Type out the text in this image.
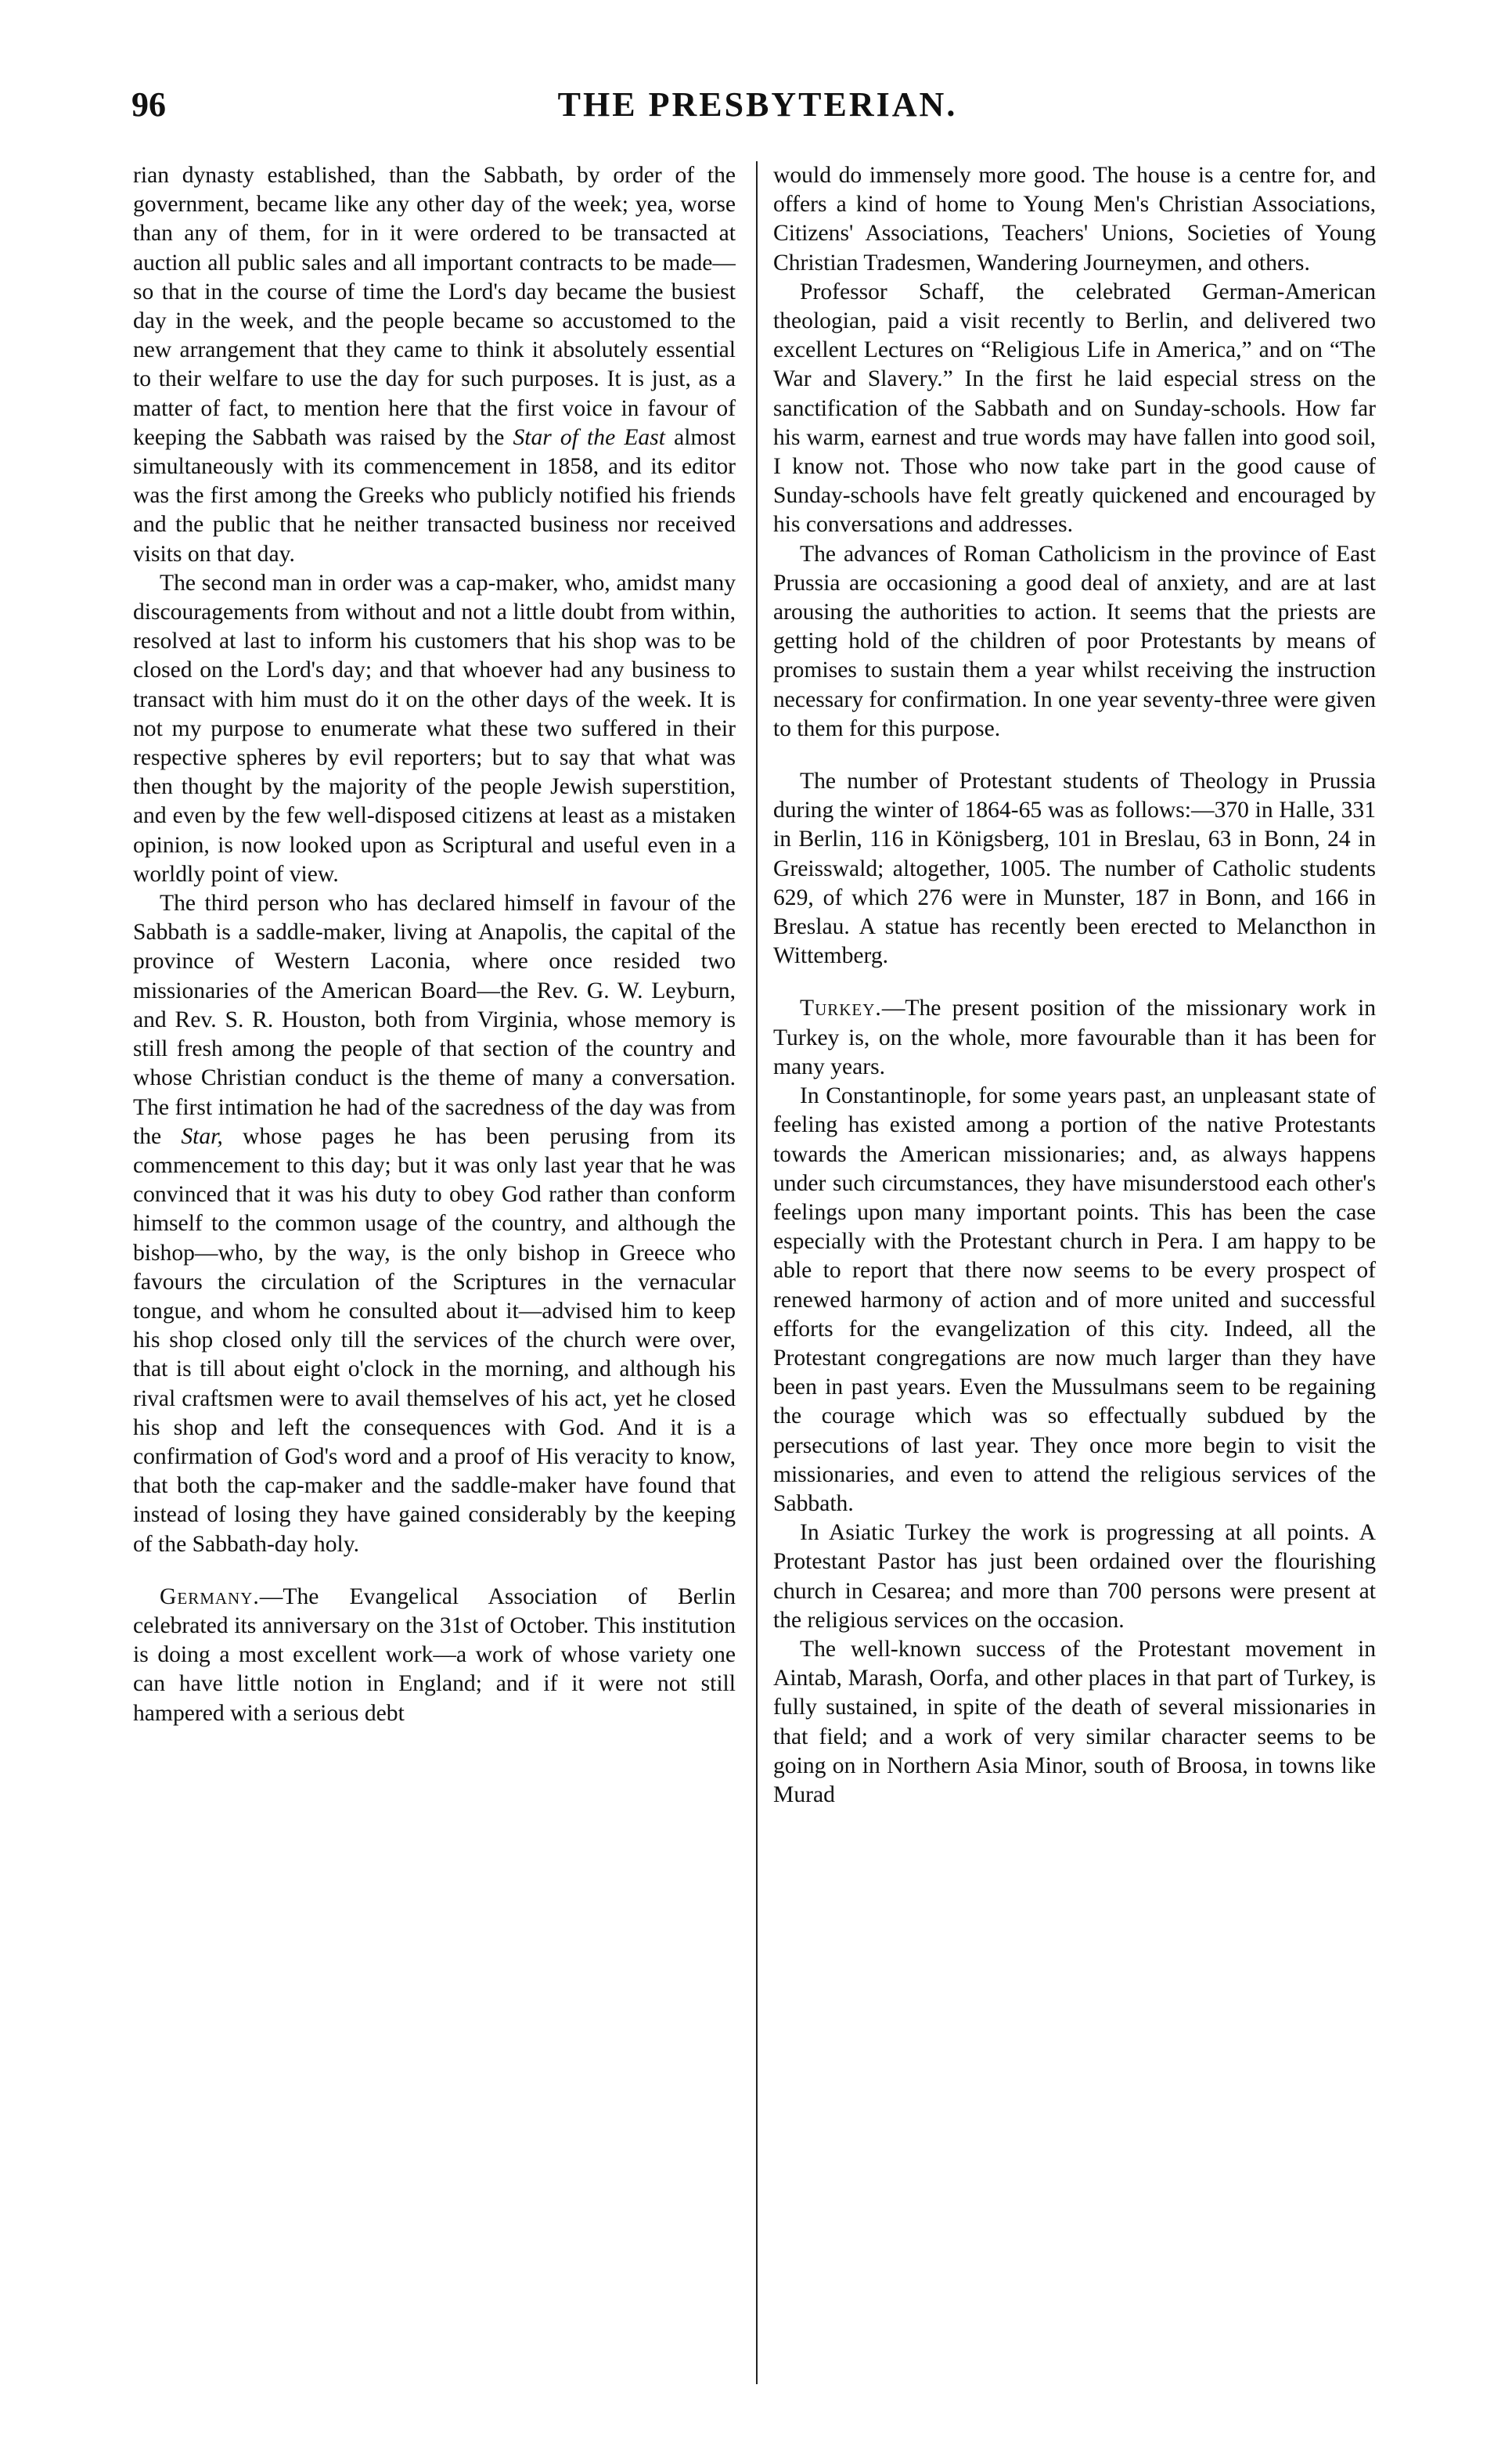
96	THE PRESBYTERIAN.

rian dynasty established, than the Sabbath, by order of the government, became like any other day of the week; yea, worse than any of them, for in it were ordered to be transacted at auction all public sales and all important contracts to be made—so that in the course of time the Lord's day became the busiest day in the week, and the people became so accustomed to the new arrangement that they came to think it absolutely essential to their welfare to use the day for such purposes. It is just, as a matter of fact, to mention here that the first voice in favour of keeping the Sabbath was raised by the Star of the East almost simultaneously with its commencement in 1858, and its editor was the first among the Greeks who publicly notified his friends and the public that he neither transacted business nor received visits on that day.

The second man in order was a cap-maker, who, amidst many discouragements from without and not a little doubt from within, resolved at last to inform his customers that his shop was to be closed on the Lord's day; and that whoever had any business to transact with him must do it on the other days of the week. It is not my purpose to enumerate what these two suffered in their respective spheres by evil reporters; but to say that what was then thought by the majority of the people Jewish superstition, and even by the few well-disposed citizens at least as a mistaken opinion, is now looked upon as Scriptural and useful even in a worldly point of view.

The third person who has declared himself in favour of the Sabbath is a saddle-maker, living at Anapolis, the capital of the province of Western Laconia, where once resided two missionaries of the American Board—the Rev. G. W. Leyburn, and Rev. S. R. Houston, both from Virginia, whose memory is still fresh among the people of that section of the country and whose Christian conduct is the theme of many a conversation. The first intimation he had of the sacredness of the day was from the Star, whose pages he has been perusing from its commencement to this day; but it was only last year that he was convinced that it was his duty to obey God rather than conform himself to the common usage of the country, and although the bishop—who, by the way, is the only bishop in Greece who favours the circulation of the Scriptures in the vernacular tongue, and whom he consulted about it—advised him to keep his shop closed only till the services of the church were over, that is till about eight o'clock in the morning, and although his rival craftsmen were to avail themselves of his act, yet he closed his shop and left the consequences with God. And it is a confirmation of God's word and a proof of His veracity to know, that both the cap-maker and the saddle-maker have found that instead of losing they have gained considerably by the keeping of the Sabbath-day holy.

Germany.—The Evangelical Association of Berlin celebrated its anniversary on the 31st of October. This institution is doing a most excellent work—a work of whose variety one can have little notion in England; and if it were not still hampered with a serious debt

would do immensely more good. The house is a centre for, and offers a kind of home to Young Men's Christian Associations, Citizens' Associations, Teachers' Unions, Societies of Young Christian Tradesmen, Wandering Journeymen, and others.

Professor Schaff, the celebrated German-American theologian, paid a visit recently to Berlin, and delivered two excellent Lectures on “Religious Life in America,” and on “The War and Slavery.” In the first he laid especial stress on the sanctification of the Sabbath and on Sunday-schools. How far his warm, earnest and true words may have fallen into good soil, I know not. Those who now take part in the good cause of Sunday-schools have felt greatly quickened and encouraged by his conversations and addresses.

The advances of Roman Catholicism in the province of East Prussia are occasioning a good deal of anxiety, and are at last arousing the authorities to action. It seems that the priests are getting hold of the children of poor Protestants by means of promises to sustain them a year whilst receiving the instruction necessary for confirmation. In one year seventy-three were given to them for this purpose.

The number of Protestant students of Theology in Prussia during the winter of 1864-65 was as follows:—370 in Halle, 331 in Berlin, 116 in Königsberg, 101 in Breslau, 63 in Bonn, 24 in Greisswald; altogether, 1005. The number of Catholic students 629, of which 276 were in Munster, 187 in Bonn, and 166 in Breslau. A statue has recently been erected to Melancthon in Wittemberg.

Turkey.—The present position of the missionary work in Turkey is, on the whole, more favourable than it has been for many years.

In Constantinople, for some years past, an unpleasant state of feeling has existed among a portion of the native Protestants towards the American missionaries; and, as always happens under such circumstances, they have misunderstood each other's feelings upon many important points. This has been the case especially with the Protestant church in Pera. I am happy to be able to report that there now seems to be every prospect of renewed harmony of action and of more united and successful efforts for the evangelization of this city. Indeed, all the Protestant congregations are now much larger than they have been in past years. Even the Mussulmans seem to be regaining the courage which was so effectually subdued by the persecutions of last year. They once more begin to visit the missionaries, and even to attend the religious services of the Sabbath.

In Asiatic Turkey the work is progressing at all points. A Protestant Pastor has just been ordained over the flourishing church in Cesarea; and more than 700 persons were present at the religious services on the occasion.

The well-known success of the Protestant movement in Aintab, Marash, Oorfa, and other places in that part of Turkey, is fully sustained, in spite of the death of several missionaries in that field; and a work of very similar character seems to be going on in Northern Asia Minor, south of Broosa, in towns like Murad
